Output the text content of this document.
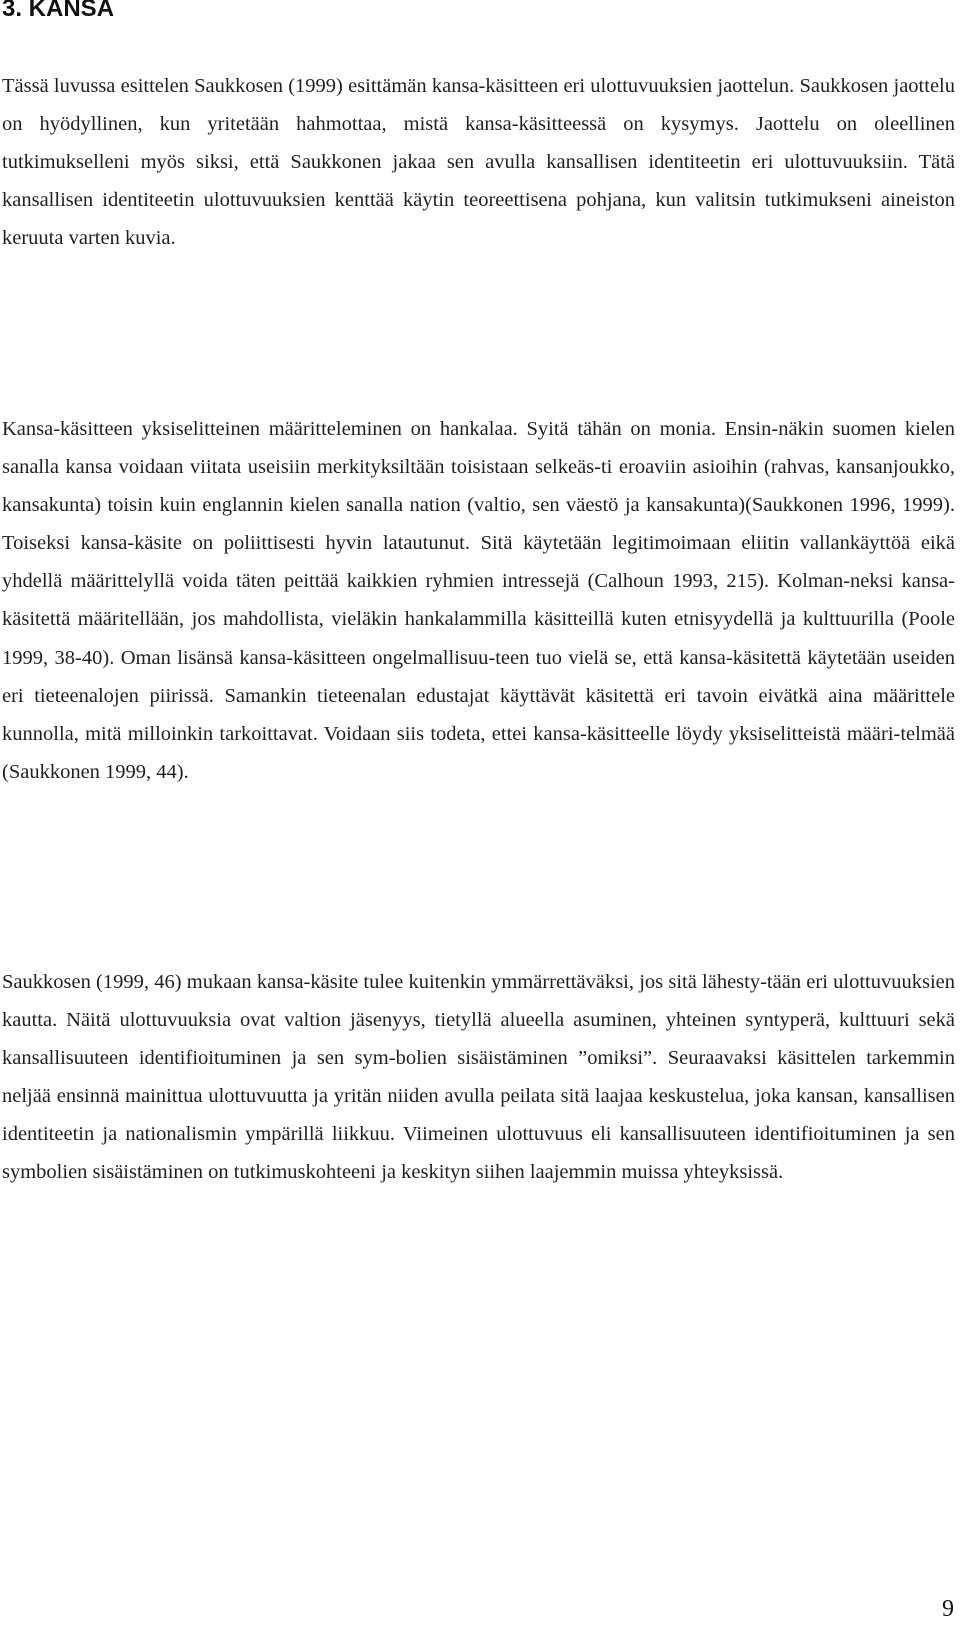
3. KANSA

Tässä luvussa esittelen Saukkosen (1999) esittämän kansa-käsitteen eri ulottuvuuksien jaottelun. Saukkosen jaottelu on hyödyllinen, kun yritetään hahmottaa, mistä kansa-käsitteessä on kysymys. Jaottelu on oleellinen tutkimukselleni myös siksi, että Saukkonen jakaa sen avulla kansallisen identiteetin eri ulottuvuuksiin. Tätä kansallisen identiteetin ulottuvuuksien kenttää käytin teoreettisena pohjana, kun valitsin tutkimukseni aineiston keruuta varten kuvia.

Kansa-käsitteen yksiselitteinen määritteleminen on hankalaa. Syitä tähän on monia. Ensin-näkin suomen kielen sanalla kansa voidaan viitata useisiin merkityksiltään toisistaan selkeäs-ti eroaviin asioihin (rahvas, kansanjoukko, kansakunta) toisin kuin englannin kielen sanalla nation (valtio, sen väestö ja kansakunta)(Saukkonen 1996, 1999). Toiseksi kansa-käsite on poliittisesti hyvin latautunut. Sitä käytetään legitimoimaan eliitin vallankäyttöä eikä yhdellä määrittelyllä voida täten peittää kaikkien ryhmien intressejä (Calhoun 1993, 215). Kolman-neksi kansa-käsitettä määritellään, jos mahdollista, vieläkin hankalammilla käsitteillä kuten etnisyydellä ja kulttuurilla (Poole 1999, 38-40). Oman lisänsä kansa-käsitteen ongelmallisuu-teen tuo vielä se, että kansa-käsitettä käytetään useiden eri tieteenalojen piirissä. Samankin tieteenalan edustajat käyttävät käsitettä eri tavoin eivätkä aina määrittele kunnolla, mitä milloinkin tarkoittavat. Voidaan siis todeta, ettei kansa-käsitteelle löydy yksiselitteistä määri-telmää (Saukkonen 1999, 44).

Saukkosen (1999, 46) mukaan kansa-käsite tulee kuitenkin ymmärrettäväksi, jos sitä lähesty-tään eri ulottuvuuksien kautta. Näitä ulottuvuuksia ovat valtion jäsenyys, tietyllä alueella asuminen, yhteinen syntyperä, kulttuuri sekä kansallisuuteen identifioituminen ja sen sym-bolien sisäistäminen ”omiksi”. Seuraavaksi käsittelen tarkemmin neljää ensinnä mainittua ulottuvuutta ja yritän niiden avulla peilata sitä laajaa keskustelua, joka kansan, kansallisen identiteetin ja nationalismin ympärillä liikkuu. Viimeinen ulottuvuus eli kansallisuuteen identifioituminen ja sen symbolien sisäistäminen on tutkimuskohteeni ja keskityn siihen laajemmin muissa yhteyksissä.

9
